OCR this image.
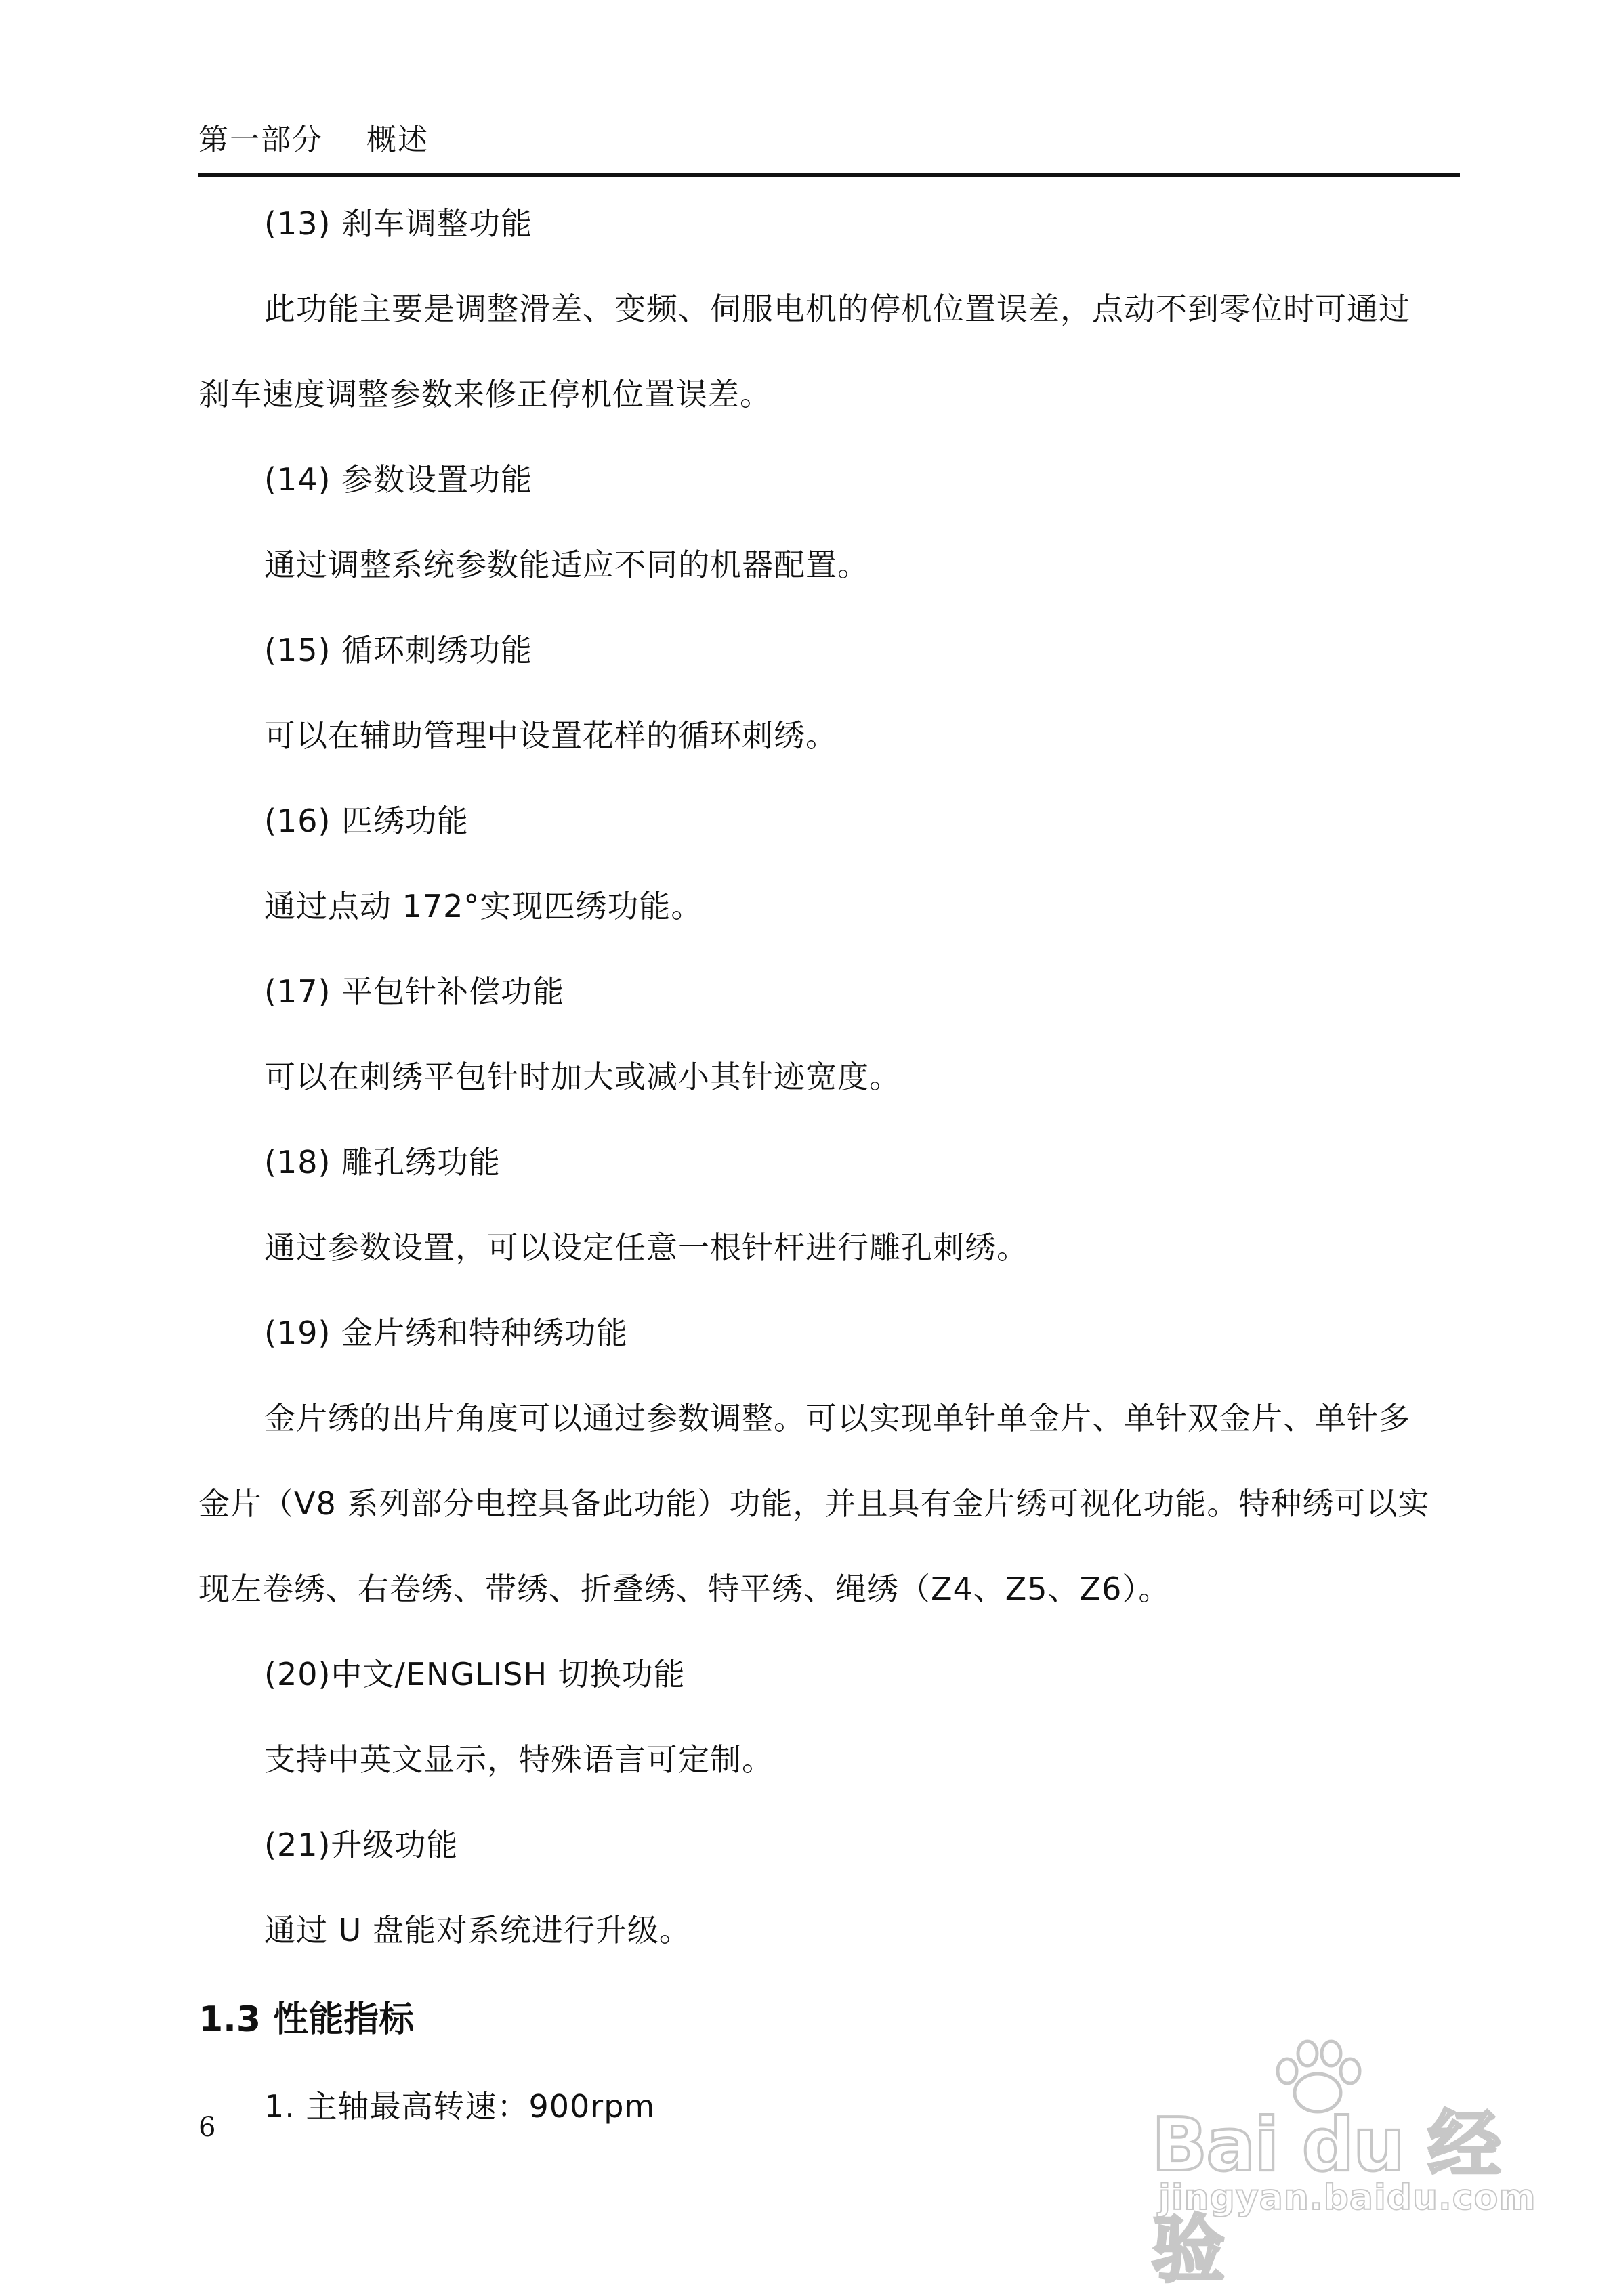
第一部分    概述
(13) 刹车调整功能
此功能主要是调整滑差、变频、伺服电机的停机位置误差，点动不到零位时可通过
刹车速度调整参数来修正停机位置误差。
(14) 参数设置功能
通过调整系统参数能适应不同的机器配置。
(15) 循环刺绣功能
可以在辅助管理中设置花样的循环刺绣。
(16) 匹绣功能
通过点动 172°实现匹绣功能。
(17) 平包针补偿功能
可以在刺绣平包针时加大或减小其针迹宽度。
(18) 雕孔绣功能
通过参数设置，可以设定任意一根针杆进行雕孔刺绣。
(19) 金片绣和特种绣功能
金片绣的出片角度可以通过参数调整。可以实现单针单金片、单针双金片、单针多
金片（V8 系列部分电控具备此功能）功能，并且具有金片绣可视化功能。特种绣可以实
现左卷绣、右卷绣、带绣、折叠绣、特平绣、绳绣（Z4、Z5、Z6）。
(20)中文/ENGLISH 切换功能
支持中英文显示，特殊语言可定制。
(21)升级功能
通过 U 盘能对系统进行升级。
1.3 性能指标
1. 主轴最高转速：900rpm
6	Bai du 经验
jingyan.baidu.com
